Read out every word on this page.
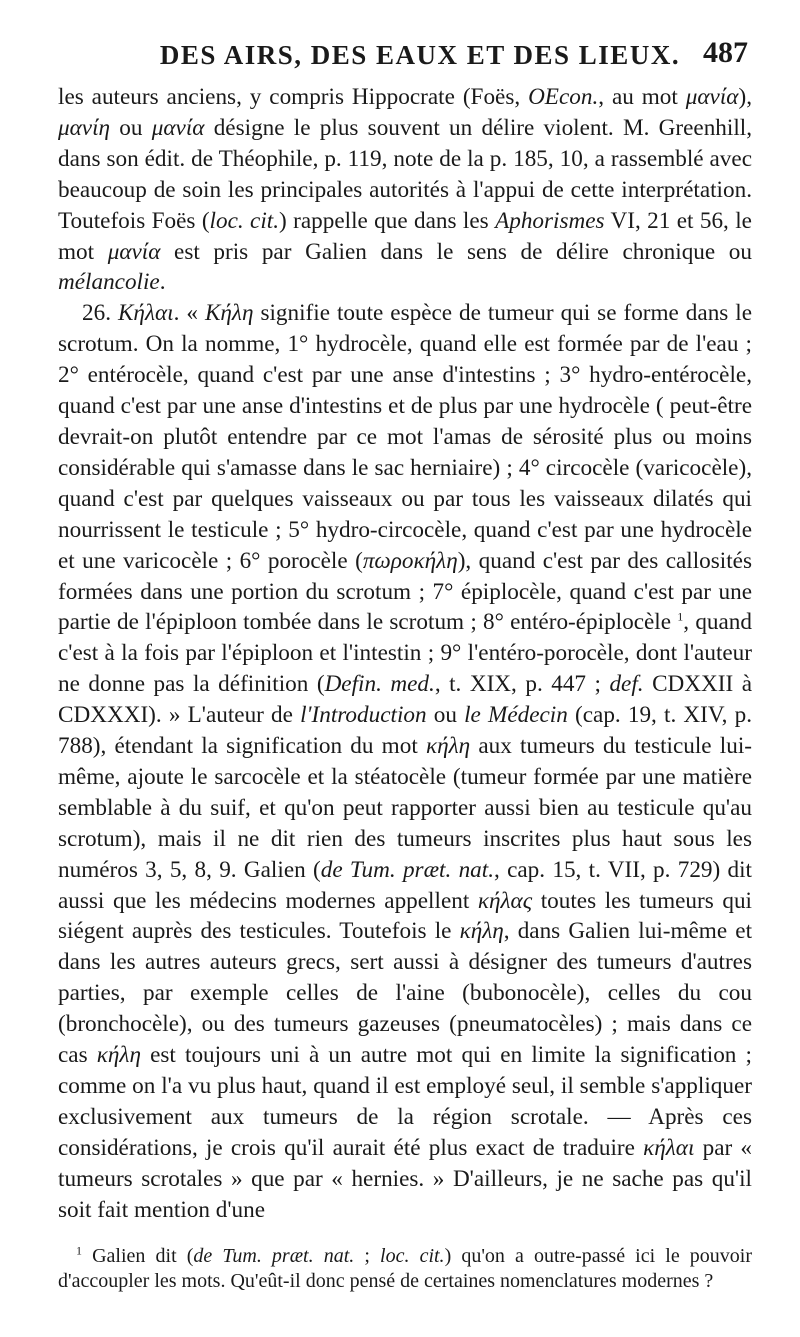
DES AIRS, DES EAUX ET DES LIEUX. 487

les auteurs anciens, y compris Hippocrate (Foës, OEcon., au mot μανία), μανίη ou μανία désigne le plus souvent un délire violent. M. Greenhill, dans son édit. de Théophile, p. 119, note de la p. 185, 10, a rassemblé avec beaucoup de soin les principales autorités à l'appui de cette interprétation. Toutefois Foës (loc. cit.) rappelle que dans les Aphorismes VI, 21 et 56, le mot μανία est pris par Galien dans le sens de délire chronique ou mélancolie.

26. Κήλαι. « Κήλη signifie toute espèce de tumeur qui se forme dans le scrotum. On la nomme, 1° hydrocèle, quand elle est formée par de l'eau ; 2° entérocèle, quand c'est par une anse d'intestins ; 3° hydro-entérocèle, quand c'est par une anse d'intestins et de plus par une hydrocèle ( peut-être devrait-on plutôt entendre par ce mot l'amas de sérosité plus ou moins considérable qui s'amasse dans le sac herniaire) ; 4° circocèle (varicocèle), quand c'est par quelques vaisseaux ou par tous les vaisseaux dilatés qui nourrissent le testicule ; 5° hydro-circocèle, quand c'est par une hydrocèle et une varicocèle ; 6° porocèle (πωροκήλη), quand c'est par des callosités formées dans une portion du scrotum ; 7° épiplocèle, quand c'est par une partie de l'épiploon tombée dans le scrotum ; 8° entéro-épiplocèle $^1$, quand c'est à la fois par l'épiploon et l'intestin ; 9° l'entéro-porocèle, dont l'auteur ne donne pas la définition (Defin. med., t. XIX, p. 447 ; def. CDXXII à CDXXXI). » L'auteur de l'Introduction ou le Médecin (cap. 19, t. XIV, p. 788), étendant la signification du mot κήλη aux tumeurs du testicule lui-même, ajoute le sarcocèle et la stéatocèle (tumeur formée par une matière semblable à du suif, et qu'on peut rapporter aussi bien au testicule qu'au scrotum), mais il ne dit rien des tumeurs inscrites plus haut sous les numéros 3, 5, 8, 9. Galien (de Tum. præt. nat., cap. 15, t. VII, p. 729) dit aussi que les médecins modernes appellent κήλας toutes les tumeurs qui siégent auprès des testicules. Toutefois le κήλη, dans Galien lui-même et dans les autres auteurs grecs, sert aussi à désigner des tumeurs d'autres parties, par exemple celles de l'aine (bubonocèle), celles du cou (bronchocèle), ou des tumeurs gazeuses (pneumatocèles) ; mais dans ce cas κήλη est toujours uni à un autre mot qui en limite la signification ; comme on l'a vu plus haut, quand il est employé seul, il semble s'appliquer exclusivement aux tumeurs de la région scrotale. — Après ces considérations, je crois qu'il aurait été plus exact de traduire κήλαι par « tumeurs scrotales » que par « hernies. » D'ailleurs, je ne sache pas qu'il soit fait mention d'une

$^1$ Galien dit (de Tum. præt. nat. ; loc. cit.) qu'on a outre-passé ici le pouvoir d'accoupler les mots. Qu'eût-il donc pensé de certaines nomenclatures modernes ?
